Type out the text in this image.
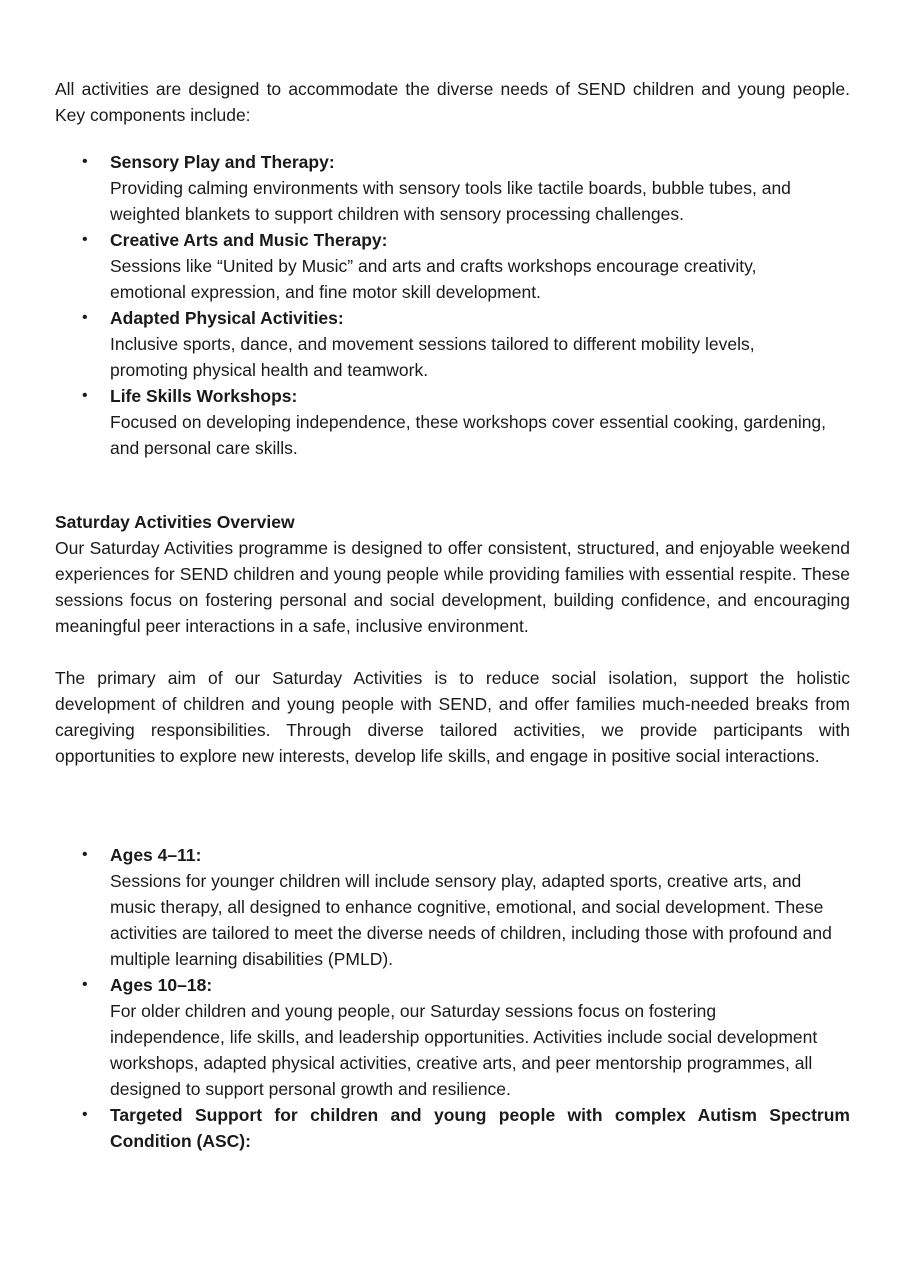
All activities are designed to accommodate the diverse needs of SEND children and young people. Key components include:

• Sensory Play and Therapy:
Providing calming environments with sensory tools like tactile boards, bubble tubes, and weighted blankets to support children with sensory processing challenges.
• Creative Arts and Music Therapy:
Sessions like “United by Music” and arts and crafts workshops encourage creativity, emotional expression, and fine motor skill development.
• Adapted Physical Activities:
Inclusive sports, dance, and movement sessions tailored to different mobility levels, promoting physical health and teamwork.
• Life Skills Workshops:
Focused on developing independence, these workshops cover essential cooking, gardening, and personal care skills.

Saturday Activities Overview

Our Saturday Activities programme is designed to offer consistent, structured, and enjoyable weekend experiences for SEND children and young people while providing families with essential respite. These sessions focus on fostering personal and social development, building confidence, and encouraging meaningful peer interactions in a safe, inclusive environment.

The primary aim of our Saturday Activities is to reduce social isolation, support the holistic development of children and young people with SEND, and offer families much-needed breaks from caregiving responsibilities. Through diverse tailored activities, we provide participants with opportunities to explore new interests, develop life skills, and engage in positive social interactions.

• Ages 4–11:
Sessions for younger children will include sensory play, adapted sports, creative arts, and music therapy, all designed to enhance cognitive, emotional, and social development. These activities are tailored to meet the diverse needs of children, including those with profound and multiple learning disabilities (PMLD).
• Ages 10–18:
For older children and young people, our Saturday sessions focus on fostering independence, life skills, and leadership opportunities. Activities include social development workshops, adapted physical activities, creative arts, and peer mentorship programmes, all designed to support personal growth and resilience.
• Targeted Support for children and young people with complex Autism Spectrum Condition (ASC):
